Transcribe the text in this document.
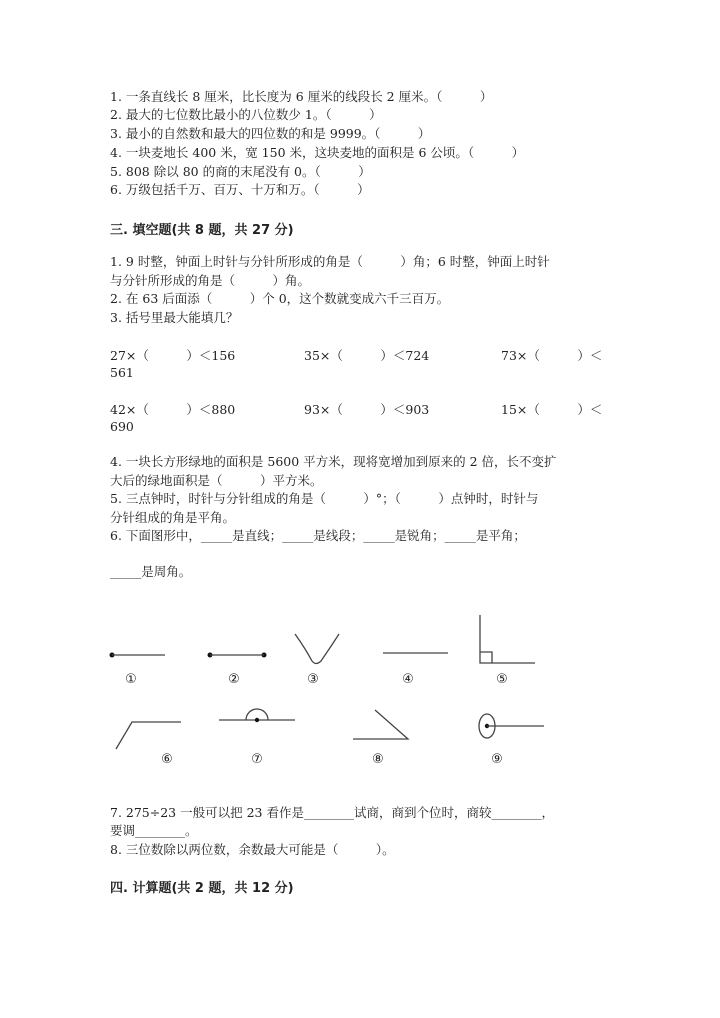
1. 一条直线长 8 厘米，比长度为 6 厘米的线段长 2 厘米。（　　　）
2. 最大的七位数比最小的八位数少 1。（　　　）
3. 最小的自然数和最大的四位数的和是 9999。（　　　）
4. 一块麦地长 400 米，宽 150 米，这块麦地的面积是 6 公顷。（　　　）
5. 808 除以 80 的商的末尾没有 0。（　　　）
6. 万级包括千万、百万、十万和万。（　　　）
三. 填空题(共 8 题，共 27 分)
1. 9 时整，钟面上时针与分针所形成的角是（　　　）角；6 时整，钟面上时针
与分针所形成的角是（　　　）角。
2. 在 63 后面添（　　　）个 0，这个数就变成六千三百万。
3. 括号里最大能填几？
27×（　　　）＜156	35×（　　　）＜724	73×（　　　）＜
561
42×（　　　）＜880	93×（　　　）＜903	15×（　　　）＜
690
4. 一块长方形绿地的面积是 5600 平方米，现将宽增加到原来的 2 倍，长不变扩
大后的绿地面积是（　　　）平方米。
5. 三点钟时，时针与分针组成的角是（　　　）°；（　　　）点钟时，时针与
分针组成的角是平角。
6. 下面图形中，_____是直线；_____是线段；_____是锐角；_____是平角；
_____是周角。
①	②	③	④	⑤
⑥	⑦	⑧	⑨
7. 275÷23 一般可以把 23 看作是________试商，商到个位时，商较________，
要调________。
8. 三位数除以两位数，余数最大可能是（　　　）。
四. 计算题(共 2 题，共 12 分)
